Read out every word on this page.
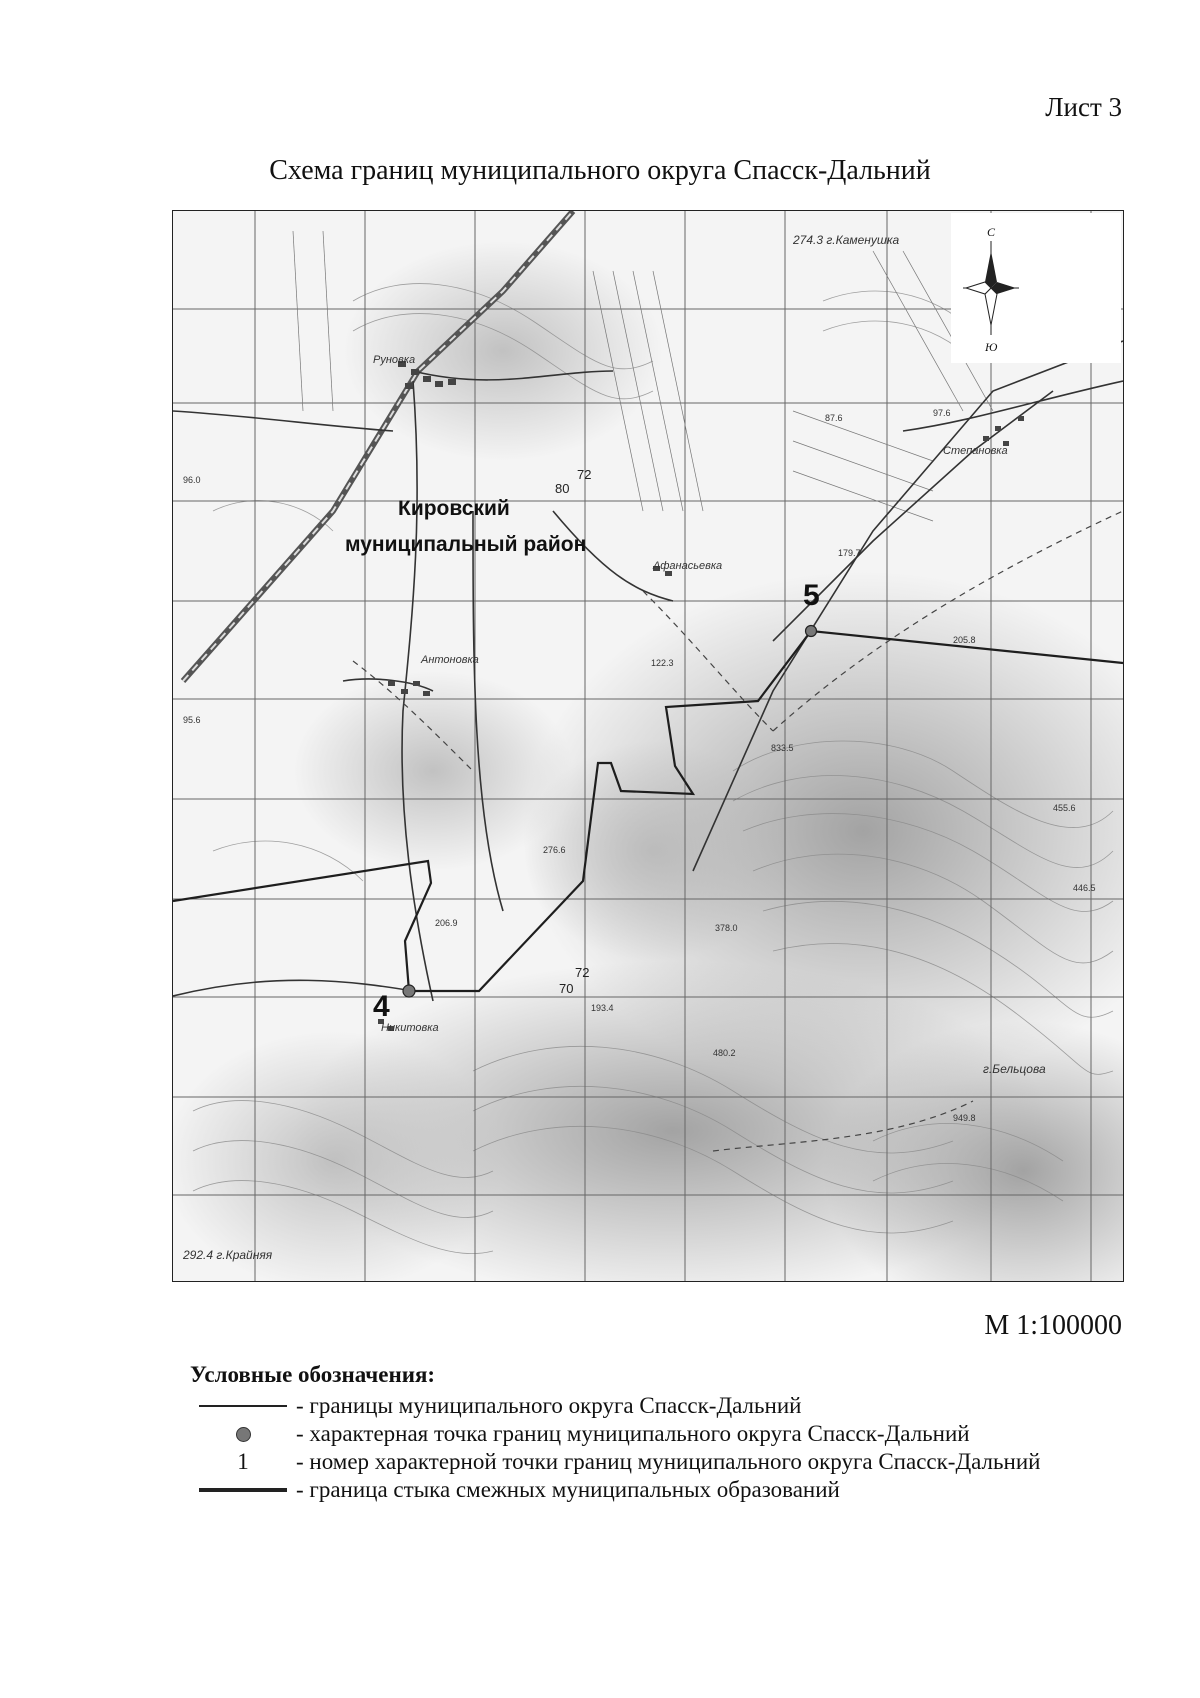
Лист 3
Схема границ муниципального округа Спасск-Дальний
4
5
Кировский
муниципальный район
Руновка
Антоновка
Афанасьевка
Степановка
Никитовка
274.3 г.Каменушка
292.4 г.Крайняя
г.Бельцова
206.9
276.6
833.5
378.0
480.2
949.8
455.6
446.5
205.8
179.7
97.6
87.6
96.0
193.4
95.6
122.3
80
72
70
72
С
Ю
М 1:100000
Условные обозначения:
- границы муниципального округа Спасск-Дальний
- характерная точка границ муниципального округа Спасск-Дальний
1 - номер характерной точки границ муниципального округа Спасск-Дальний
- граница стыка смежных муниципальных образований
